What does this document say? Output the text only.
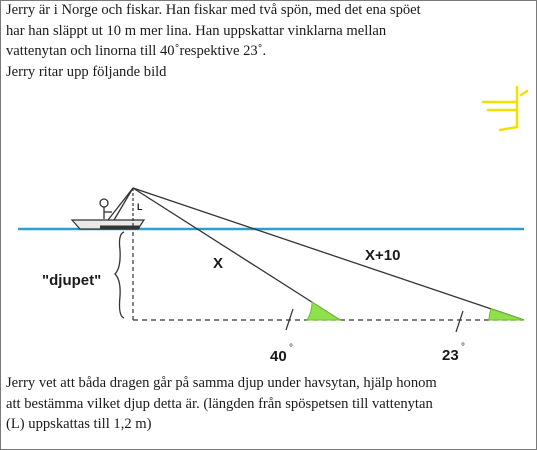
Jerry är i Norge och fiskar. Han fiskar med två spön, med det ena spöet
har han släppt ut 10 m mer lina. Han uppskattar vinklarna mellan
vattenytan och linorna till 40˚respektive 23˚.
Jerry ritar upp följande bild
L
"djupet"
X	X+10
40 °	23 °
Jerry vet att båda dragen går på samma djup under havsytan, hjälp honom
att bestämma vilket djup detta är. (längden från spöspetsen till vattenytan
(L) uppskattas till 1,2 m)
